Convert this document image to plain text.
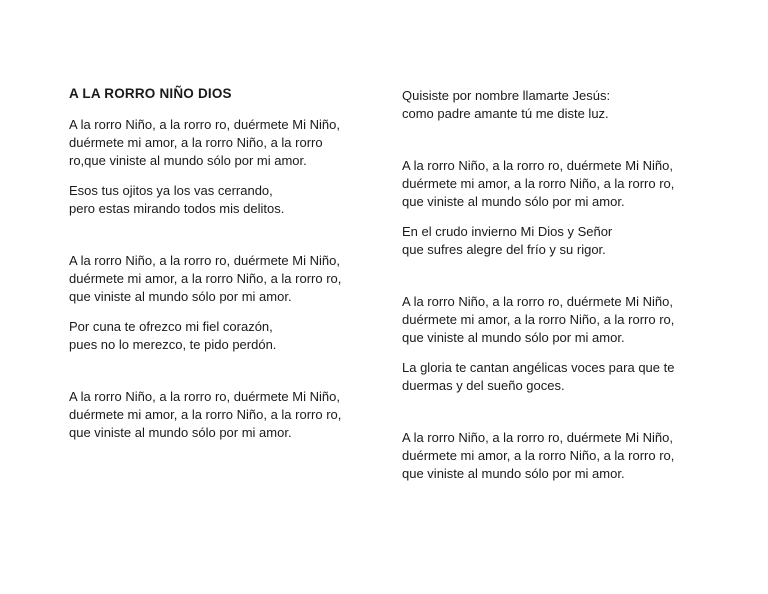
A LA RORRO NIÑO DIOS

A la rorro Niño, a la rorro ro, duérmete Mi Niño,
duérmete mi amor, a la rorro Niño, a la rorro
ro,que viniste al mundo sólo por mi amor.

Esos tus ojitos ya los vas cerrando,
pero estas mirando todos mis delitos.

A la rorro Niño, a la rorro ro, duérmete Mi Niño,
duérmete mi amor, a la rorro Niño, a la rorro ro,
que viniste al mundo sólo por mi amor.

Por cuna te ofrezco mi fiel corazón,
pues no lo merezco, te pido perdón.

A la rorro Niño, a la rorro ro, duérmete Mi Niño,
duérmete mi amor, a la rorro Niño, a la rorro ro,
que viniste al mundo sólo por mi amor.

Quisiste por nombre llamarte Jesús:
como padre amante tú me diste luz.

A la rorro Niño, a la rorro ro, duérmete Mi Niño,
duérmete mi amor, a la rorro Niño, a la rorro ro,
que viniste al mundo sólo por mi amor.

En el crudo invierno Mi Dios y Señor
que sufres alegre del frío y su rigor.

A la rorro Niño, a la rorro ro, duérmete Mi Niño,
duérmete mi amor, a la rorro Niño, a la rorro ro,
que viniste al mundo sólo por mi amor.

La gloria te cantan angélicas voces para que te
duermas y del sueño goces.

A la rorro Niño, a la rorro ro, duérmete Mi Niño,
duérmete mi amor, a la rorro Niño, a la rorro ro,
que viniste al mundo sólo por mi amor.
